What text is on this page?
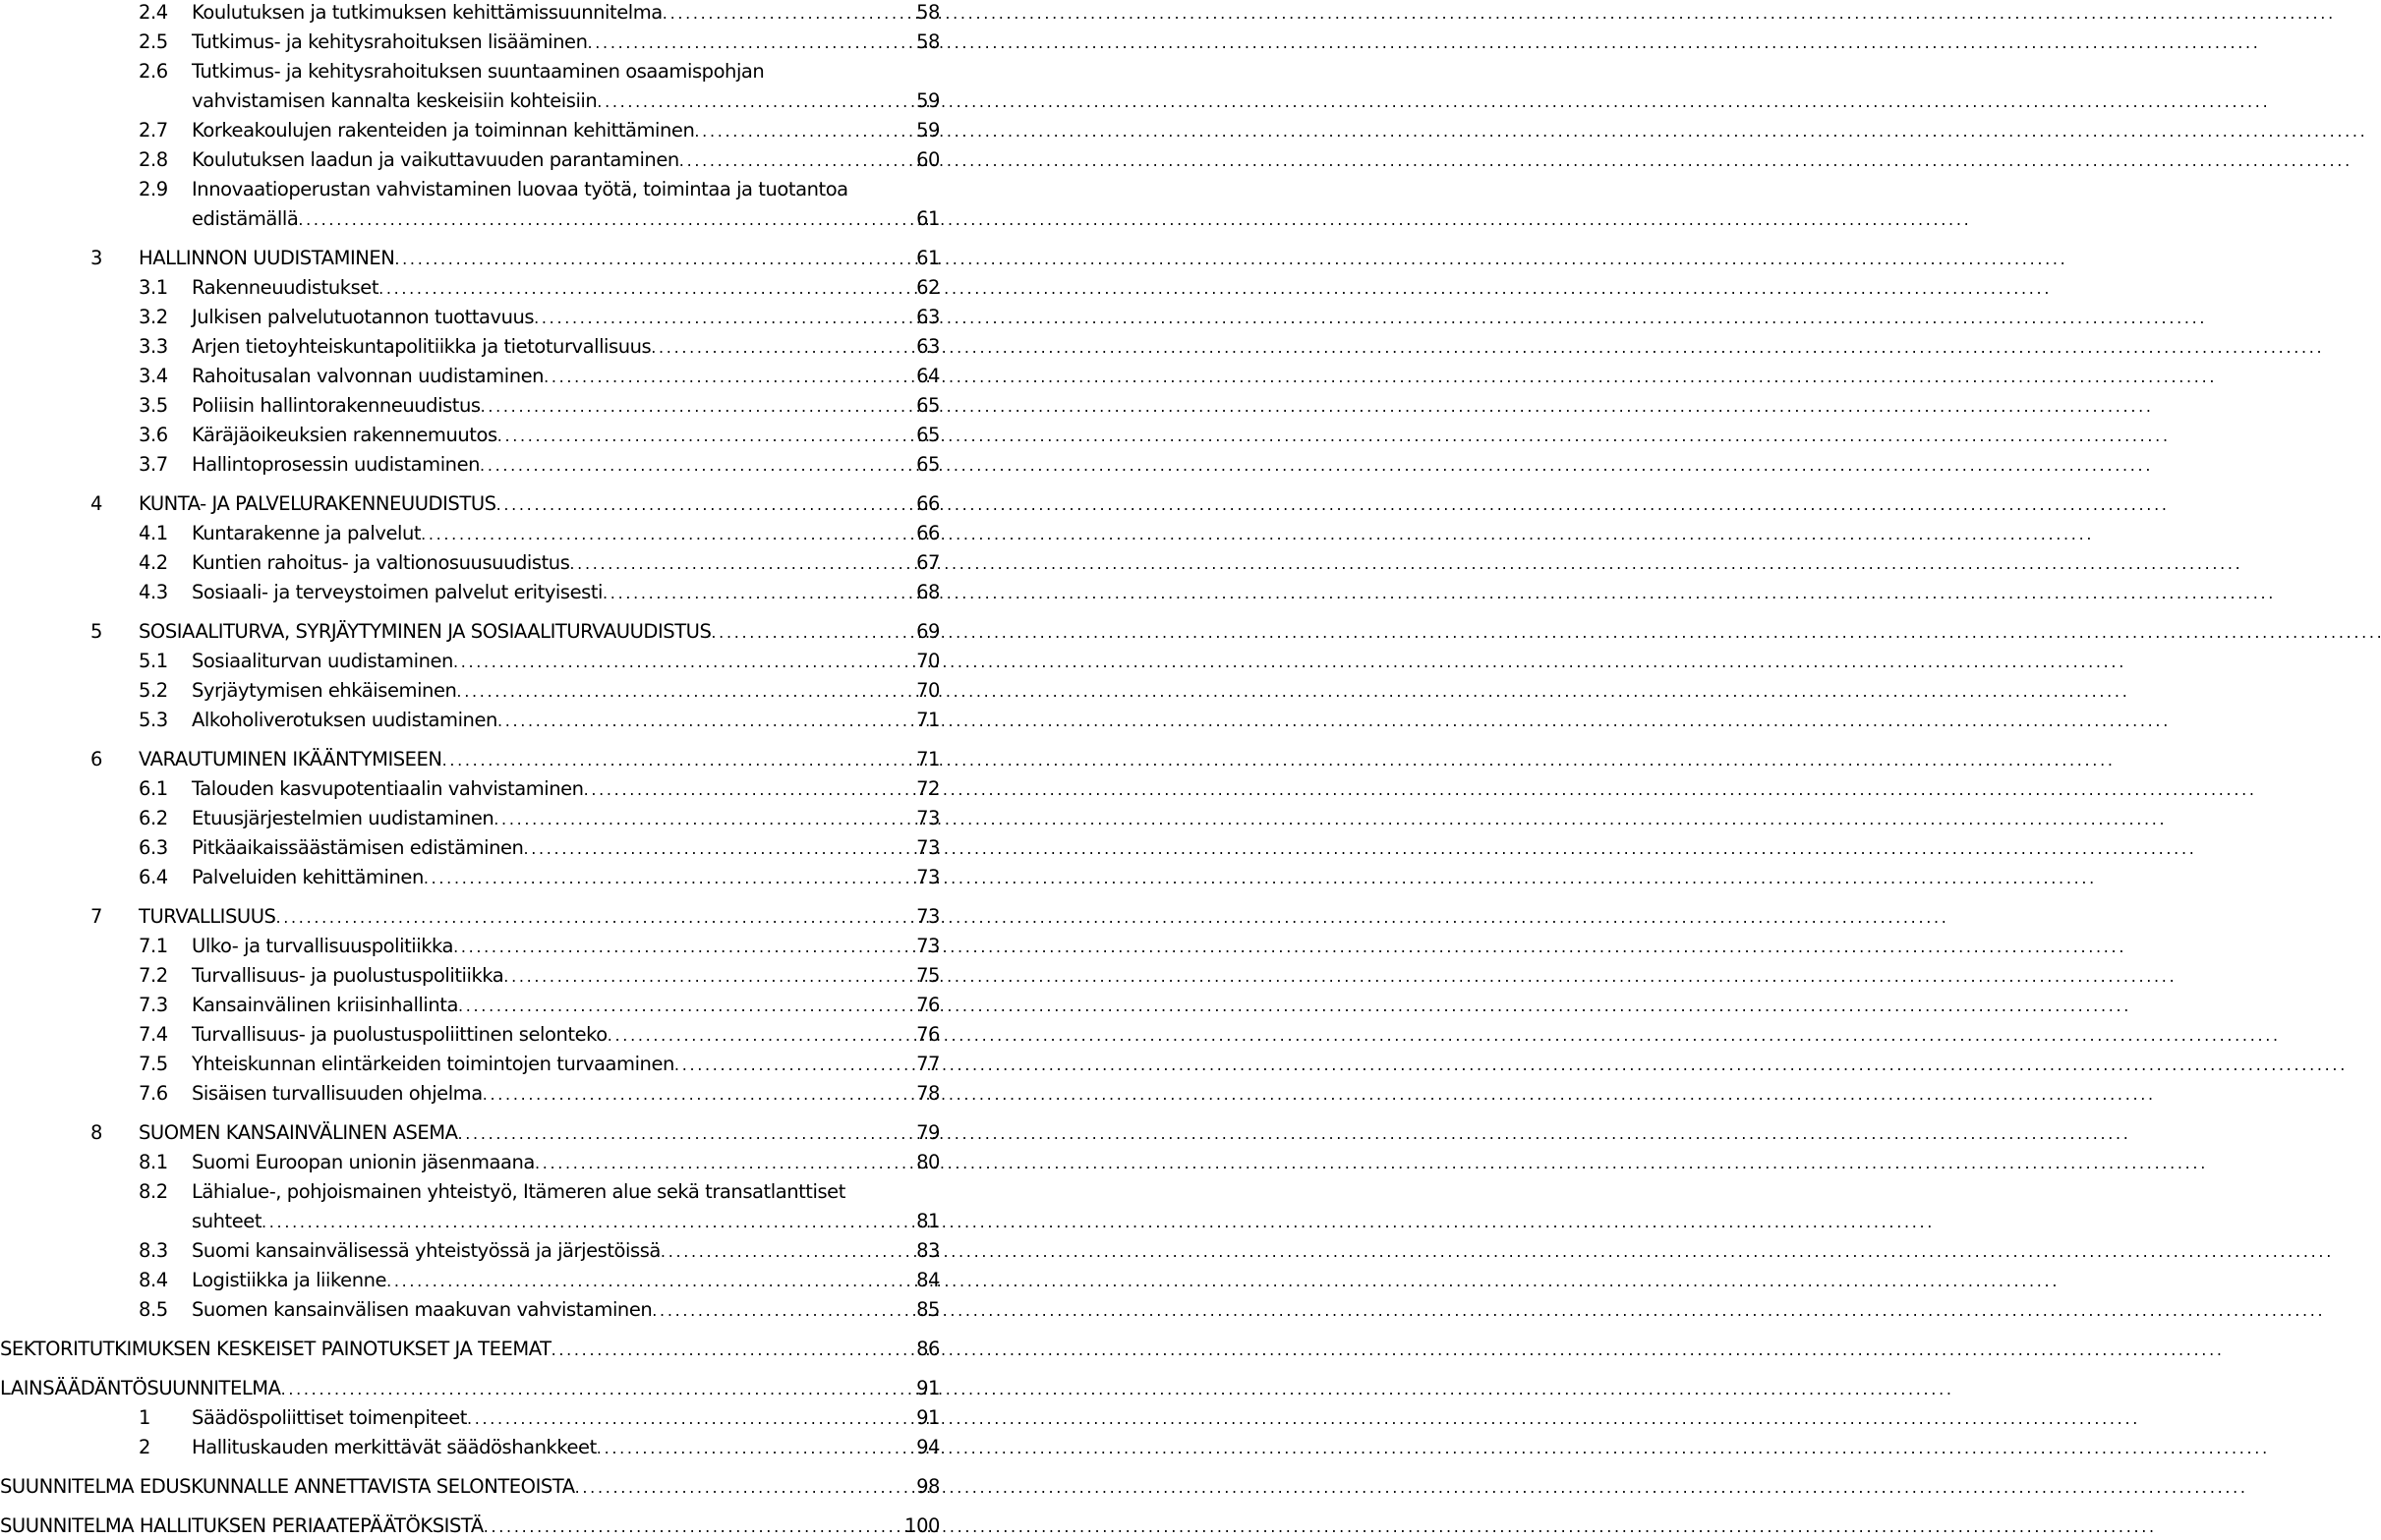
2.4	Koulutuksen ja tutkimuksen kehittämissuunnitelma . . .	58
2.5	Tutkimus- ja kehitysrahoituksen lisääminen . . .	58
2.6 Tutkimus- ja kehitysrahoituksen suuntaaminen osaamispohjan
vahvistamisen kannalta keskeisiin kohteisiin . . .	59
2.7	Korkeakoulujen rakenteiden ja toiminnan kehittäminen . . .	59
2.8	Koulutuksen laadun ja vaikuttavuuden parantaminen . . .	60
2.9 Innovaatioperustan vahvistaminen luovaa työtä, toimintaa ja tuotantoa
edistämällä . . .	61
3	HALLINNON UUDISTAMINEN . . .	61
3.1	Rakenneuudistukset . . .	62
3.2	Julkisen palvelutuotannon tuottavuus . . .	63
3.3	Arjen tietoyhteiskuntapolitiikka ja tietoturvallisuus . . .	63
3.4	Rahoitusalan valvonnan uudistaminen . . .	64
3.5	Poliisin hallintorakenneuudistus . . .	65
3.6	Käräjäoikeuksien rakennemuutos . . .	65
3.7	Hallintoprosessin uudistaminen . . .	65
4	KUNTA- JA PALVELURAKENNEUUDISTUS . . .	66
4.1	Kuntarakenne ja palvelut . . .	66
4.2	Kuntien rahoitus- ja valtionosuusuudistus . . .	67
4.3	Sosiaali- ja terveystoimen palvelut erityisesti . . .	68
5	SOSIAALITURVA, SYRJÄYTYMINEN JA SOSIAALITURVAUUDISTUS . . .	69
5.1	Sosiaaliturvan uudistaminen . . .	70
5.2	Syrjäytymisen ehkäiseminen . . .	70
5.3	Alkoholiverotuksen uudistaminen . . .	71
6	VARAUTUMINEN IKÄÄNTYMISEEN . . .	71
6.1	Talouden kasvupotentiaalin vahvistaminen . . .	72
6.2	Etuusjärjestelmien uudistaminen . . .	73
6.3	Pitkäaikaissäästämisen edistäminen . . .	73
6.4	Palveluiden kehittäminen . . .	73
7	TURVALLISUUS . . .	73
7.1	Ulko- ja turvallisuuspolitiikka . . .	73
7.2	Turvallisuus- ja puolustuspolitiikka . . .	75
7.3	Kansainvälinen kriisinhallinta . . .	76
7.4	Turvallisuus- ja puolustuspoliittinen selonteko . . .	76
7.5	Yhteiskunnan elintärkeiden toimintojen turvaaminen . . .	77
7.6	Sisäisen turvallisuuden ohjelma . . .	78
8	SUOMEN KANSAINVÄLINEN ASEMA . . .	79
8.1	Suomi Euroopan unionin jäsenmaana . . .	80
8.2 Lähialue-, pohjoismainen yhteistyö, Itämeren alue sekä transatlanttiset
suhteet . . .	81
8.3	Suomi kansainvälisessä yhteistyössä ja järjestöissä . . .	83
8.4	Logistiikka ja liikenne . . .	84
8.5	Suomen kansainvälisen maakuvan vahvistaminen . . .	85
SEKTORITUTKIMUKSEN KESKEISET PAINOTUKSET JA TEEMAT . . .	86
LAINSÄÄDÄNTÖSUUNNITELMA . . .	91
1	Säädöspoliittiset toimenpiteet . . .	91
2	Hallituskauden merkittävät säädöshankkeet . . .	94
SUUNNITELMA EDUSKUNNALLE ANNETTAVISTA SELONTEOISTA . . .	98
SUUNNITELMA HALLITUKSEN PERIAATEPÄÄTÖKSISTÄ . . .	100
